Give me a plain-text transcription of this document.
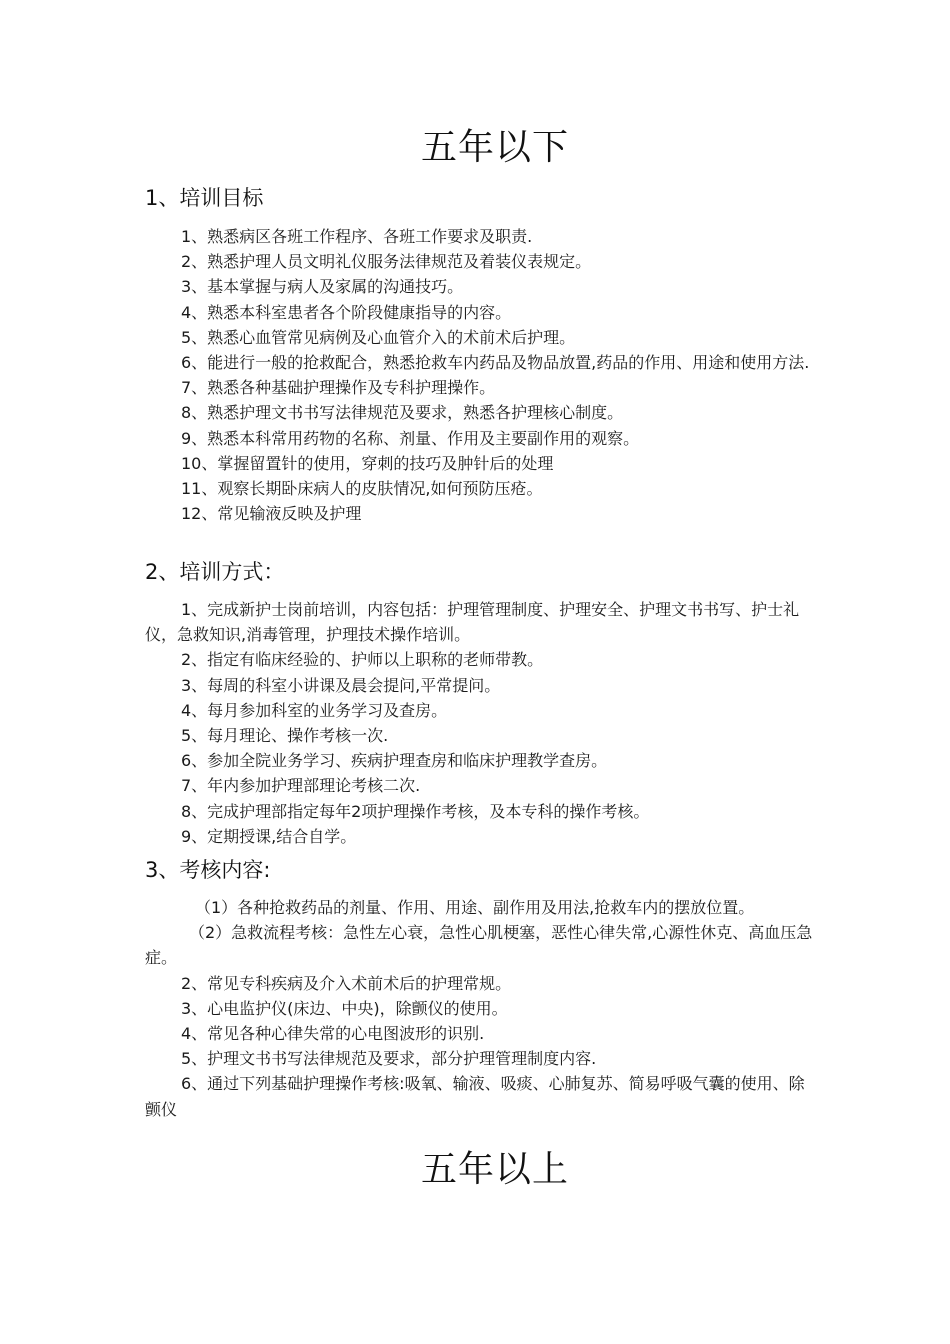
五年以下
1、培训目标
1、熟悉病区各班工作程序、各班工作要求及职责.
2、熟悉护理人员文明礼仪服务法律规范及着装仪表规定。
3、基本掌握与病人及家属的沟通技巧。
4、熟悉本科室患者各个阶段健康指导的内容。
5、熟悉心血管常见病例及心血管介入的术前术后护理。
6、能进行一般的抢救配合，熟悉抢救车内药品及物品放置,药品的作用、用途和使用方法.
7、熟悉各种基础护理操作及专科护理操作。
8、熟悉护理文书书写法律规范及要求，熟悉各护理核心制度。
9、熟悉本科常用药物的名称、剂量、作用及主要副作用的观察。
10、掌握留置针的使用，穿刺的技巧及肿针后的处理
11、观察长期卧床病人的皮肤情况,如何预防压疮。
12、常见输液反映及护理
2、培训方式：
1、完成新护士岗前培训，内容包括：护理管理制度、护理安全、护理文书书写、护士礼仪，急救知识,消毒管理，护理技术操作培训。
2、指定有临床经验的、护师以上职称的老师带教。
3、每周的科室小讲课及晨会提问,平常提问。
4、每月参加科室的业务学习及查房。
5、每月理论、操作考核一次.
6、参加全院业务学习、疾病护理查房和临床护理教学查房。
7、年内参加护理部理论考核二次.
8、完成护理部指定每年2项护理操作考核，及本专科的操作考核。
9、定期授课,结合自学。
3、考核内容:
（1）各种抢救药品的剂量、作用、用途、副作用及用法,抢救车内的摆放位置。
（2）急救流程考核：急性左心衰，急性心肌梗塞，恶性心律失常,心源性休克、高血压急症。
2、常见专科疾病及介入术前术后的护理常规。
3、心电监护仪(床边、中央)，除颤仪的使用。
4、常见各种心律失常的心电图波形的识别.
5、护理文书书写法律规范及要求，部分护理管理制度内容.
6、通过下列基础护理操作考核:吸氧、输液、吸痰、心肺复苏、简易呼吸气囊的使用、除颤仪
五年以上
